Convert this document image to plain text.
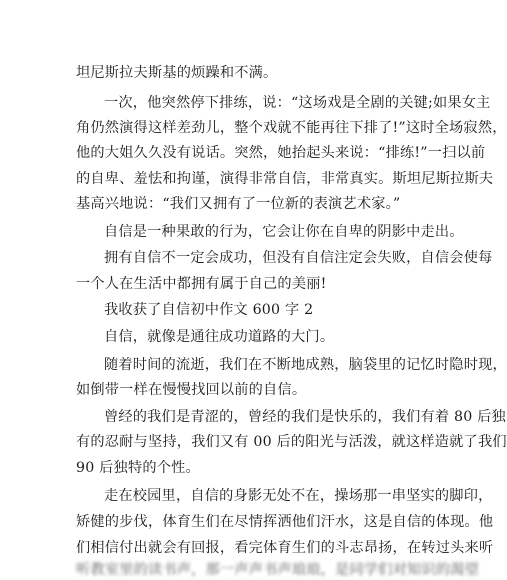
坦尼斯拉夫斯基的烦躁和不满。
一次，他突然停下排练，说：“这场戏是全剧的关键;如果女主
角仍然演得这样差劲儿，整个戏就不能再往下排了!”这时全场寂然，
他的大姐久久没有说话。突然，她抬起头来说：“排练!”一扫以前
的自卑、羞怯和拘谨，演得非常自信，非常真实。斯坦尼斯拉斯夫
基高兴地说：“我们又拥有了一位新的表演艺术家。”
自信是一种果敢的行为，它会让你在自卑的阴影中走出。
拥有自信不一定会成功，但没有自信注定会失败，自信会使每
一个人在生活中都拥有属于自己的美丽!
我收获了自信初中作文 600 字 2
自信，就像是通往成功道路的大门。
随着时间的流逝，我们在不断地成熟，脑袋里的记忆时隐时现，
如倒带一样在慢慢找回以前的自信。
曾经的我们是青涩的，曾经的我们是快乐的，我们有着 80 后独
有的忍耐与坚持，我们又有 00 后的阳光与活泼，就这样造就了我们
90 后独特的个性。
走在校园里，自信的身影无处不在，操场那一串坚实的脚印，
矫健的步伐，体育生们在尽情挥洒他们汗水，这是自信的体现。他
们相信付出就会有回报，看完体育生们的斗志昂扬，在转过头来听
听教室里的读书声，那一声声书声琅琅，是同学们对知识的渴望
